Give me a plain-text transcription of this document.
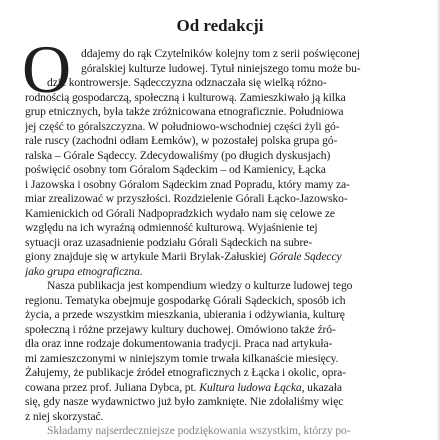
Od redakcji
O ddajemy do rąk Czytelników kolejny tom z serii poświęconej
góralskiej kulturze ludowej. Tytuł niniejszego tomu może bu-
dzić kontrowersje. Sądecczyzna odznaczała się wielką różno-
rodnością gospodarczą, społeczną i kulturową. Zamieszkiwało ją kilka
grup etnicznych, była także zróżnicowana etnograficznie. Południowa
jej część to góralszczyzna. W południowo-wschodniej części żyli gó-
rale ruscy (zachodni odłam Łemków), w pozostałej polska grupa gó-
ralska – Górale Sądeccy. Zdecydowaliśmy (po długich dyskusjach)
poświęcić osobny tom Góralom Sądeckim – od Kamienicy, Łącka
i Jazowska i osobny Góralom Sądeckim znad Popradu, który mamy za-
miar zrealizować w przyszłości. Rozdzielenie Górali Łącko-Jazowsko-
Kamienickich od Górali Nadpopradzkich wydało nam się celowe ze
względu na ich wyraźną odmienność kulturową. Wyjaśnienie tej
sytuacji oraz uzasadnienie podziału Górali Sądeckich na subre-
giony znajduje się w artykule Marii Brylak-Załuskiej Górale Sądeccy
jako grupa etnograficzna.
Nasza publikacja jest kompendium wiedzy o kulturze ludowej tego
regionu. Tematyka obejmuje gospodarkę Górali Sądeckich, sposób ich
życia, a przede wszystkim mieszkania, ubierania i odżywiania, kulturę
społeczną i różne przejawy kultury duchowej. Omówiono także źró-
dła oraz inne rodzaje dokumentowania tradycji. Praca nad artykuła-
mi zamieszczonymi w niniejszym tomie trwała kilkanaście miesięcy.
Żałujemy, że publikacje źródeł etnograficznych z Łącka i okolic, opra-
cowana przez prof. Juliana Dybca, pt. Kultura ludowa Łącka, ukazała
się, gdy nasze wydawnictwo już było zamknięte. Nie zdołaliśmy więc
z niej skorzystać.
Składamy najserdeczniejsze podziękowania wszystkim, którzy po-
